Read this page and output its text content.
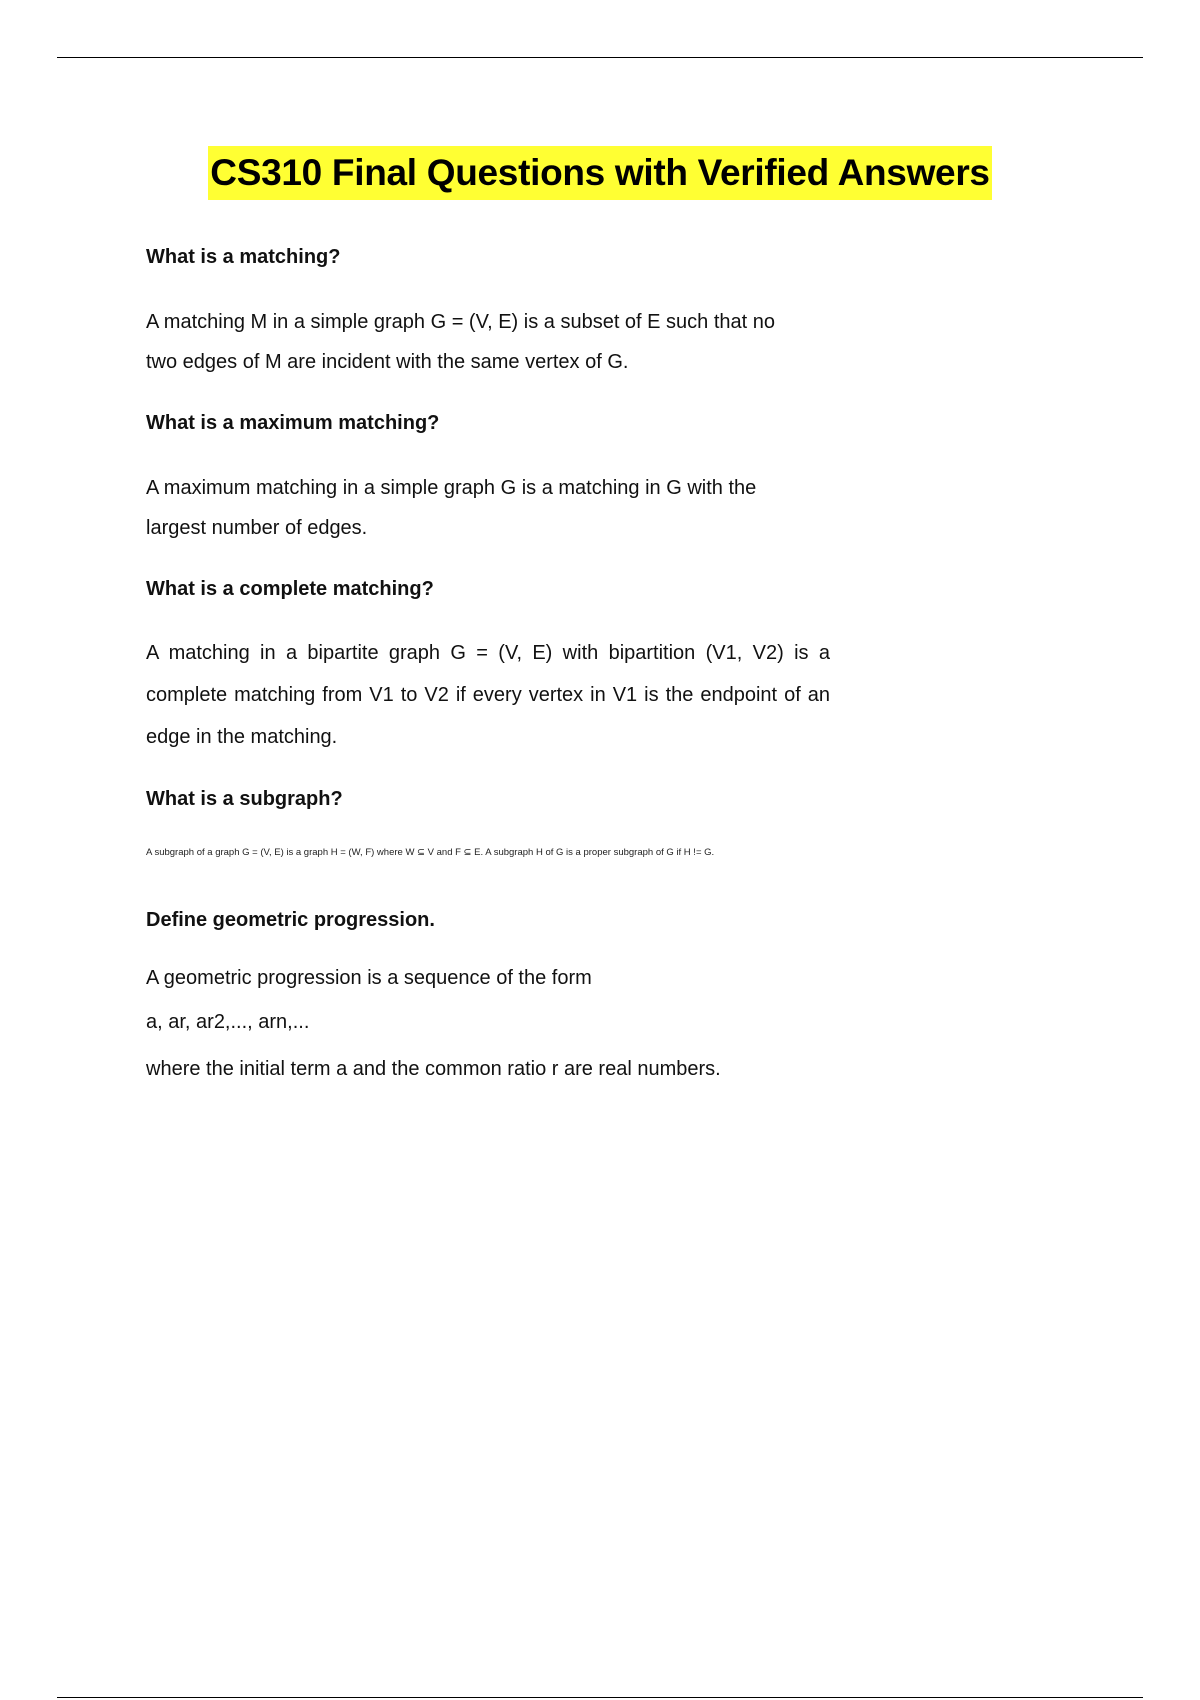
CS310 Final Questions with Verified Answers

What is a matching?

A matching M in a simple graph G = (V, E) is a subset of E such that no two edges of M are incident with the same vertex of G.

What is a maximum matching?

A maximum matching in a simple graph G is a matching in G with the largest number of edges.

What is a complete matching?

A matching in a bipartite graph G = (V, E) with bipartition (V1, V2) is a complete matching from V1 to V2 if every vertex in V1 is the endpoint of an edge in the matching.

What is a subgraph?

A subgraph of a graph G = (V, E) is a graph H = (W, F) where W ⊆ V and F ⊆ E. A subgraph H of G is a proper subgraph of G if H != G.

Define geometric progression.

A geometric progression is a sequence of the form

a, ar, ar2,..., arn,...

where the initial term a and the common ratio r are real numbers.
